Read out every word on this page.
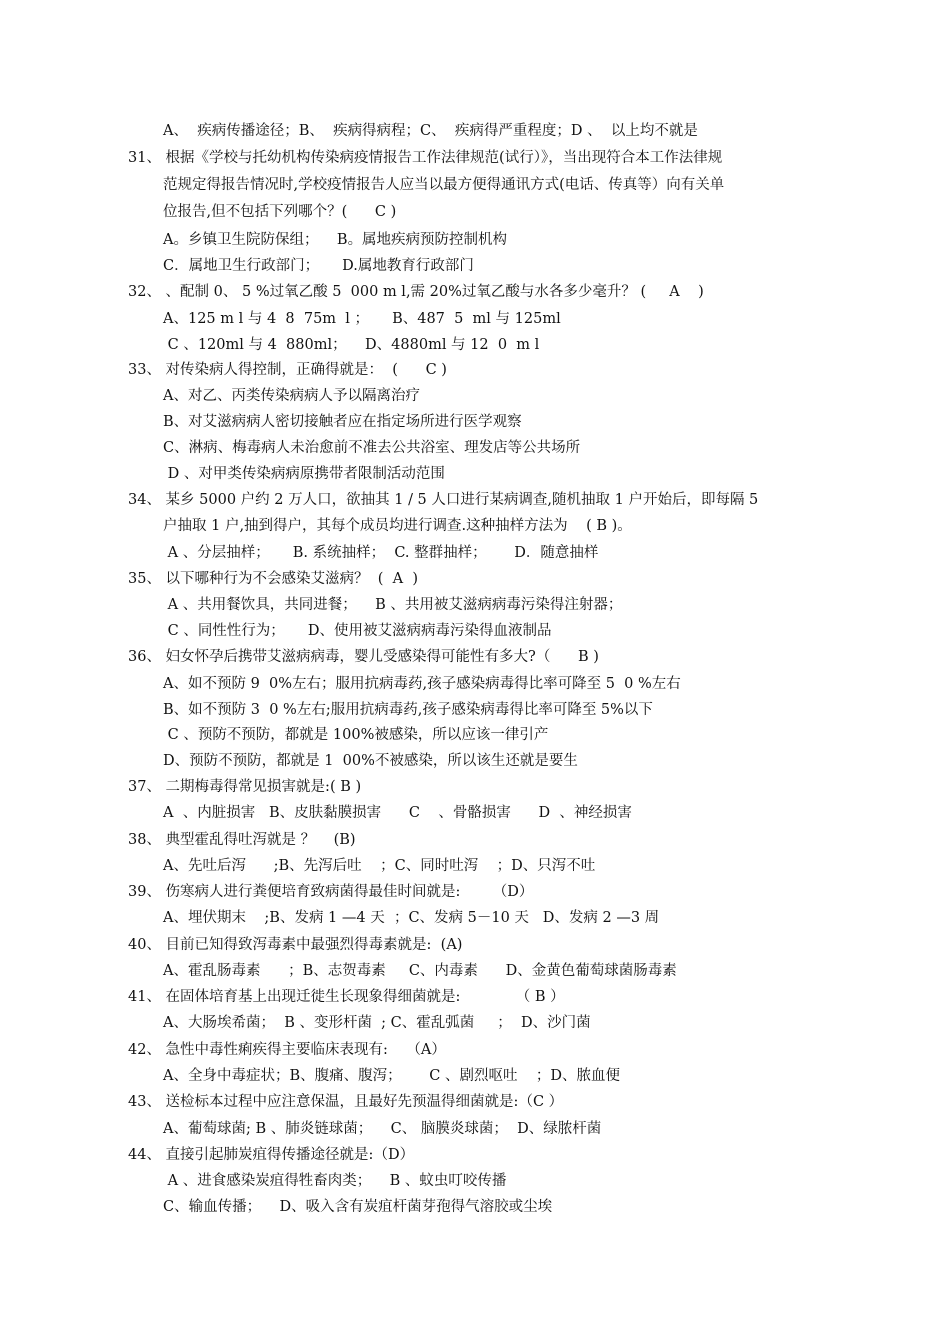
A、  疾病传播途径；B、  疾病得病程；C、  疾病得严重程度；D 、  以上均不就是
31、 根据《学校与托幼机构传染病疫情报告工作法律规范(试行）》，当出现符合本工作法律规
范规定得报告情况时,学校疫情报告人应当以最方便得通讯方式(电话、传真等）向有关单
位报告,但不包括下列哪个？(      C )
A。乡镇卫生院防保组；    B。属地疾病预防控制机构
C．属地卫生行政部门；     D.属地教育行政部门
32、 、配制 0、 5 %过氧乙酸 5  000 m l,需 20%过氧乙酸与水各多少毫升？ (     A    )
A、125 m l 与 4  8  75m  l ；     B、487  5  ml 与 125ml
C 、120ml 与 4  880ml；    D、4880ml 与 12  0  m l
33、 对传染病人得控制，正确得就是：  (      C )
A、对乙、丙类传染病病人予以隔离治疗
B、对艾滋病病人密切接触者应在指定场所进行医学观察
C、淋病、梅毒病人未治愈前不准去公共浴室、理发店等公共场所
D 、对甲类传染病病原携带者限制活动范围
34、 某乡 5000 户约 2 万人口，欲抽其 1 / 5 人口进行某病调查,随机抽取 1 户开始后，即每隔 5
户抽取 1 户,抽到得户，其每个成员均进行调查.这种抽样方法为    ( B )。
A 、分层抽样；     B. 系统抽样；  C. 整群抽样；      D．随意抽样
35、 以下哪种行为不会感染艾滋病？  (  A  )
A 、共用餐饮具，共同进餐；    B 、共用被艾滋病病毒污染得注射器；
C 、同性性行为；     D、使用被艾滋病病毒污染得血液制品
36、 妇女怀孕后携带艾滋病病毒，婴儿受感染得可能性有多大?（      B )
A、如不预防 9  0%左右；服用抗病毒药,孩子感染病毒得比率可降至 5  0 %左右
B、如不预防 3  0 %左右;服用抗病毒药,孩子感染病毒得比率可降至 5%以下
C 、预防不预防，都就是 100%被感染，所以应该一律引产
D、预防不预防，都就是 1  00%不被感染，所以该生还就是要生
37、 二期梅毒得常见损害就是:( B )
A  、内脏损害   B、皮肤黏膜损害      C    、骨骼损害      D  、神经损害
38、 典型霍乱得吐泻就是 ？    (B)
A、先吐后泻      ;B、先泻后吐    ；C、同时吐泻    ；D、只泻不吐
39、 伤寒病人进行粪便培育致病菌得最佳时间就是:       （D）
A、埋伏期末    ;B、发病 1 —4 天  ；C、发病 5－10 天   D、发病 2 —3 周
40、 目前已知得致泻毒素中最强烈得毒素就是:  (A)
A、霍乱肠毒素      ；B、志贺毒素     C、内毒素      D、金黄色葡萄球菌肠毒素
41、 在固体培育基上出现迁徙生长现象得细菌就是:            （ B ）
A、大肠埃希菌；  B 、变形杆菌  ; C、霍乱弧菌     ；  D、沙门菌
42、 急性中毒性痢疾得主要临床表现有:    （A）
A、全身中毒症状；B、腹痛、腹泻；      C 、剧烈呕吐    ；D、脓血便
43、 送检标本过程中应注意保温，且最好先预温得细菌就是:（C ）
A、葡萄球菌; B 、肺炎链球菌；    C、 脑膜炎球菌；  D、绿脓杆菌
44、 直接引起肺炭疽得传播途径就是:（D）
A 、进食感染炭疽得牲畜肉类；    B 、蚊虫叮咬传播
C、输血传播；    D、吸入含有炭疽杆菌芽孢得气溶胶或尘埃
